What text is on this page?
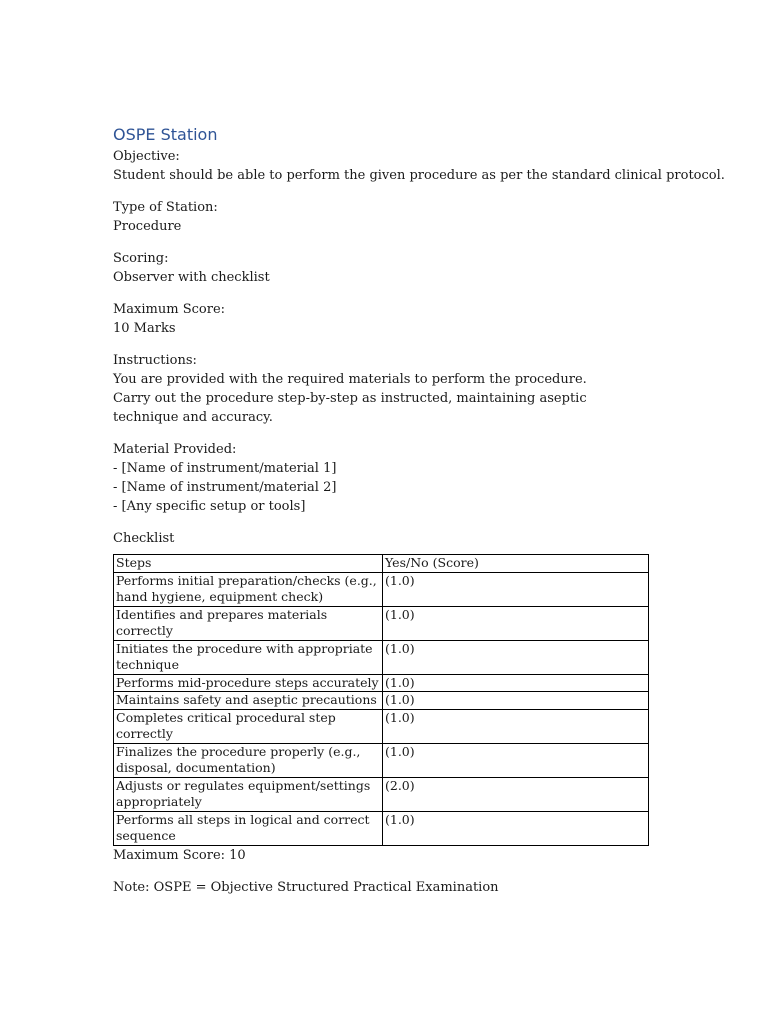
OSPE Station

Objective:

Student should be able to perform the given procedure as per the standard clinical protocol.

Type of Station:

Procedure

Scoring:

Observer with checklist

Maximum Score:

10 Marks

Instructions:

You are provided with the required materials to perform the procedure.

Carry out the procedure step-by-step as instructed, maintaining aseptic technique and accuracy.

Material Provided:

- [Name of instrument/material 1]

- [Name of instrument/material 2]

- [Any specific setup or tools]

Checklist

Steps	Yes/No (Score)
Performs initial preparation/checks (e.g., hand hygiene, equipment check)	(1.0)
Identifies and prepares materials correctly	(1.0)
Initiates the procedure with appropriate technique	(1.0)
Performs mid-procedure steps accurately	(1.0)
Maintains safety and aseptic precautions	(1.0)
Completes critical procedural step correctly	(1.0)
Finalizes the procedure properly (e.g., disposal, documentation)	(1.0)
Adjusts or regulates equipment/settings appropriately	(2.0)
Performs all steps in logical and correct sequence	(1.0)

Maximum Score: 10

Note: OSPE = Objective Structured Practical Examination
